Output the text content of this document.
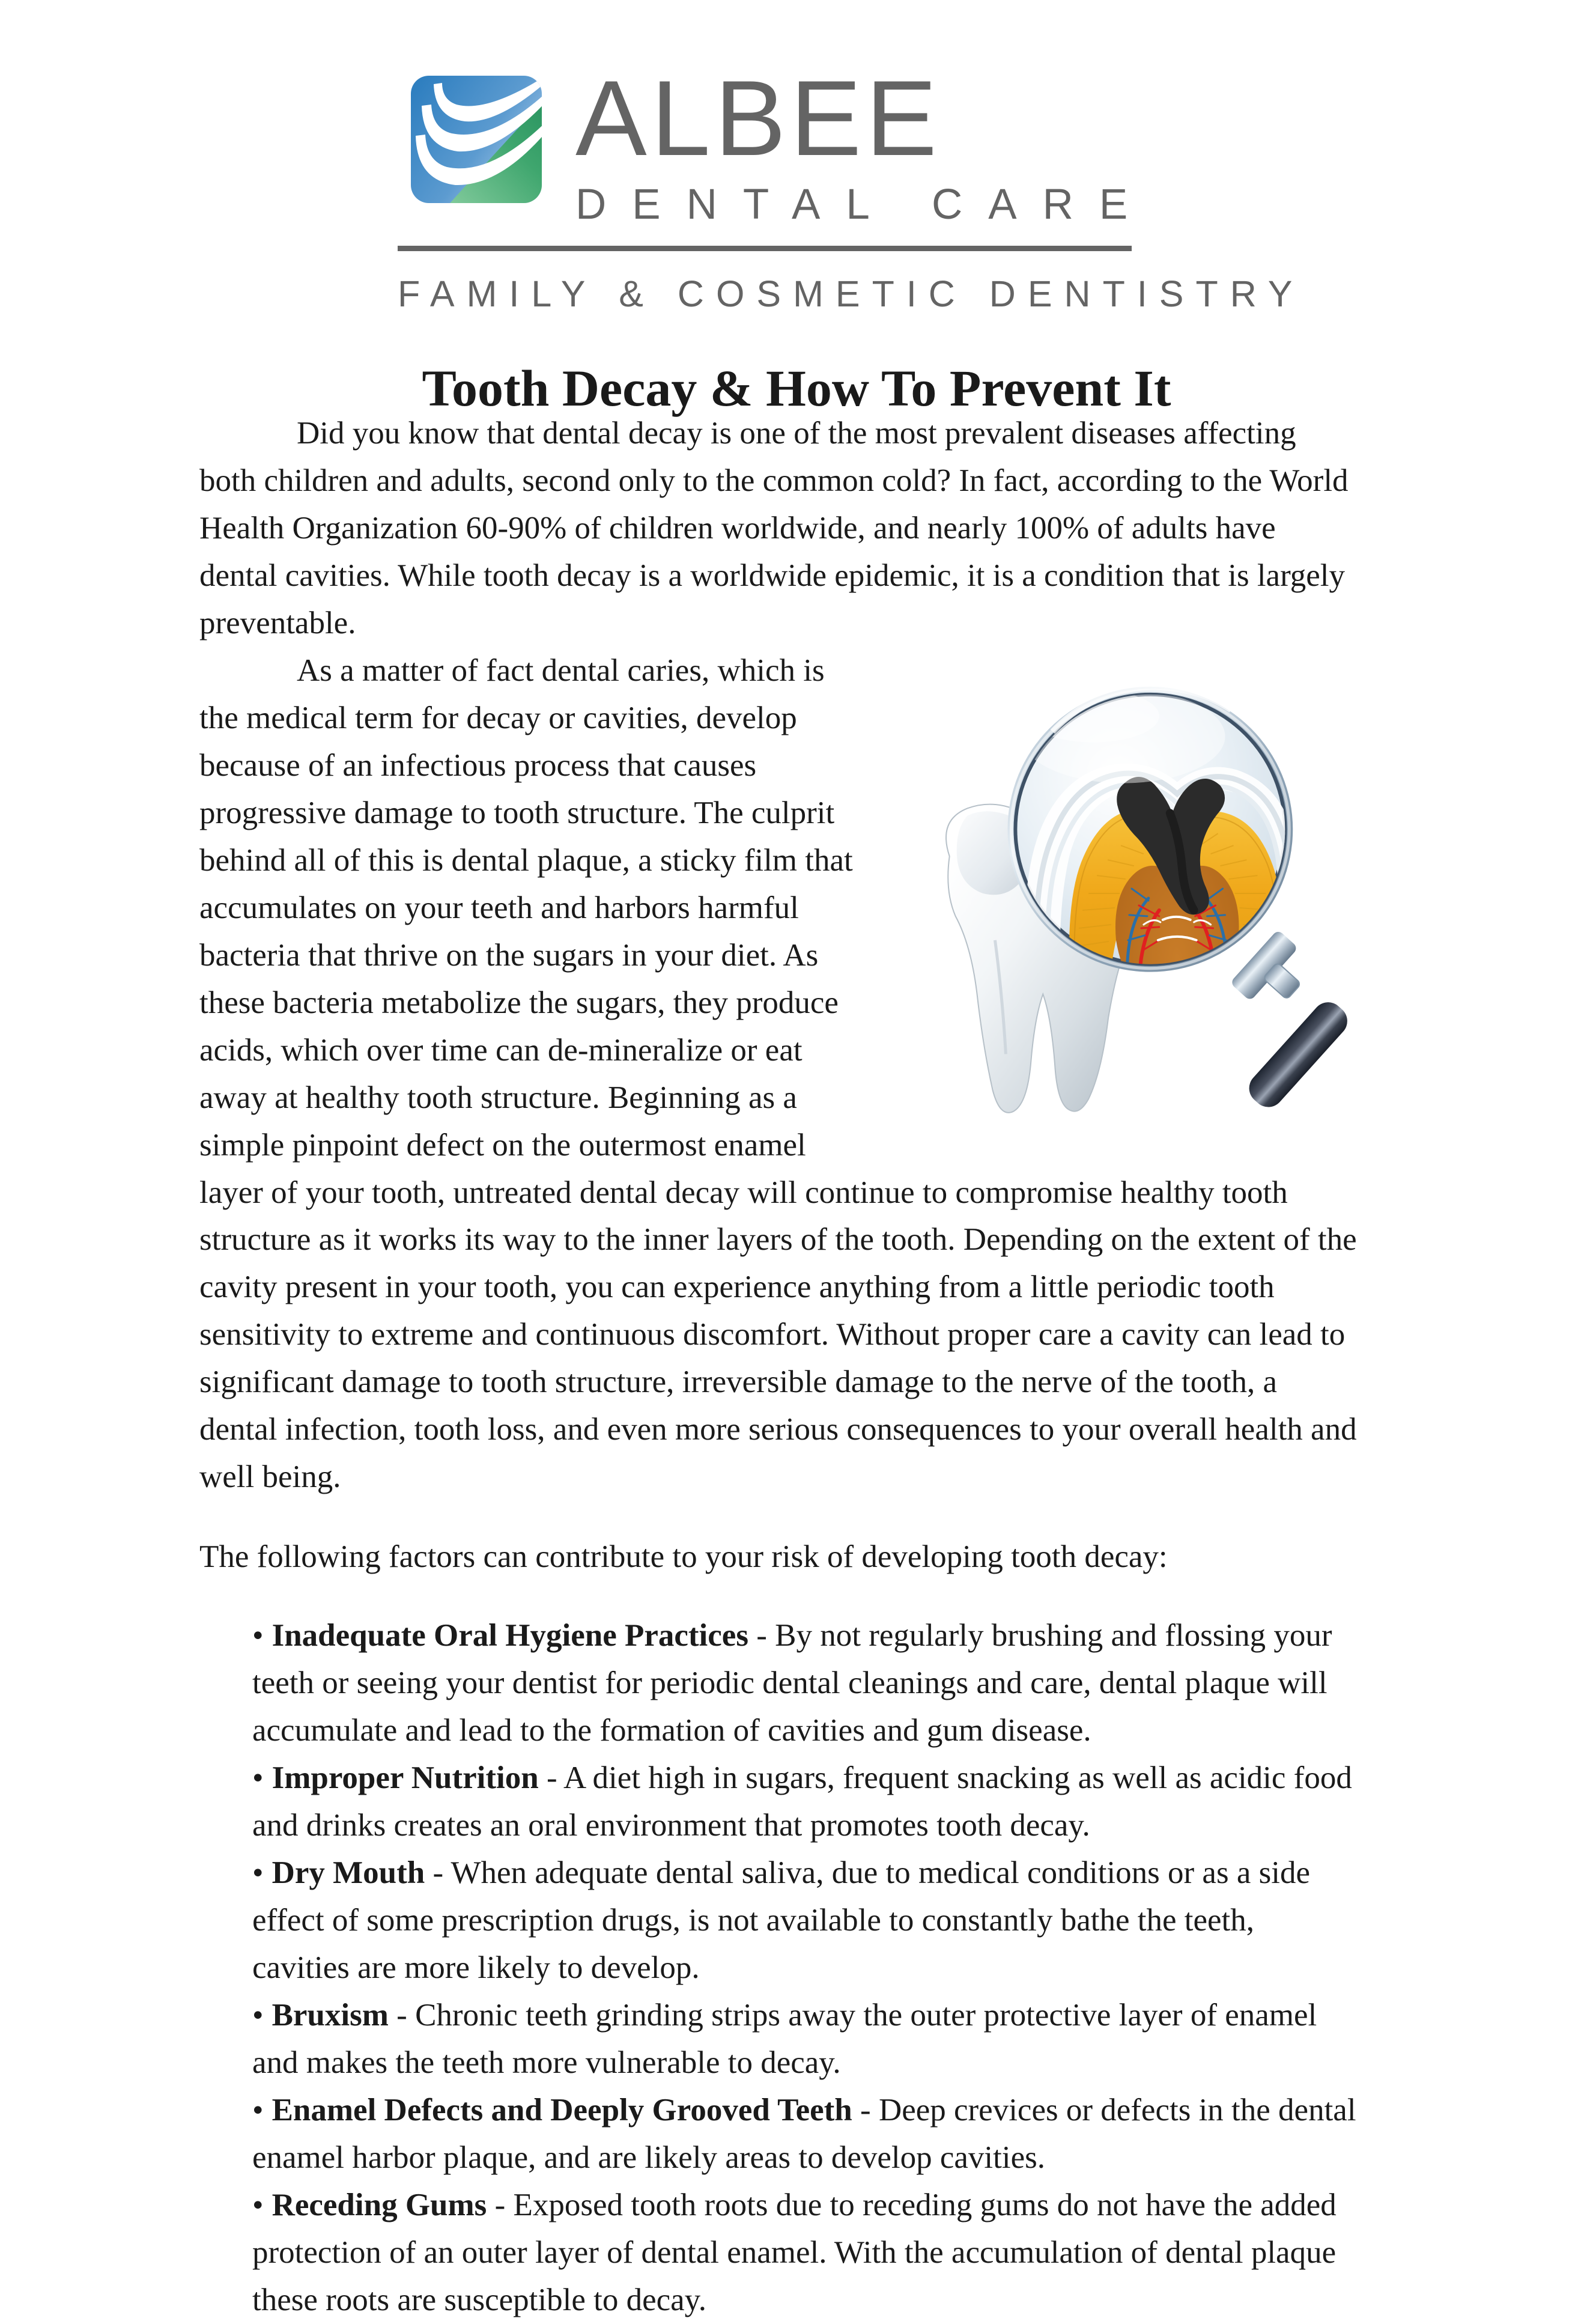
ALBEE
DENTAL CARE
FAMILY & COSMETIC DENTISTRY
Tooth Decay & How To Prevent It

Did you know that dental decay is one of the most prevalent diseases affecting both children and adults, second only to the common cold? In fact, according to the World Health Organization 60-90% of children worldwide, and nearly 100% of adults have dental cavities. While tooth decay is a worldwide epidemic, it is a condition that is largely preventable.

As a matter of fact dental caries, which is the medical term for decay or cavities, develop because of an infectious process that causes progressive damage to tooth structure. The culprit behind all of this is dental plaque, a sticky film that accumulates on your teeth and harbors harmful bacteria that thrive on the sugars in your diet. As these bacteria metabolize the sugars, they produce acids, which over time can de-mineralize or eat away at healthy tooth structure. Beginning as a simple pinpoint defect on the outermost enamel layer of your tooth, untreated dental decay will continue to compromise healthy tooth structure as it works its way to the inner layers of the tooth. Depending on the extent of the cavity present in your tooth, you can experience anything from a little periodic tooth sensitivity to extreme and continuous discomfort. Without proper care a cavity can lead to significant damage to tooth structure, irreversible damage to the nerve of the tooth, a dental infection, tooth loss, and even more serious consequences to your overall health and well being.

The following factors can contribute to your risk of developing tooth decay:

• Inadequate Oral Hygiene Practices - By not regularly brushing and flossing your teeth or seeing your dentist for periodic dental cleanings and care, dental plaque will accumulate and lead to the formation of cavities and gum disease.
• Improper Nutrition - A diet high in sugars, frequent snacking as well as acidic food and drinks creates an oral environment that promotes tooth decay.
• Dry Mouth - When adequate dental saliva, due to medical conditions or as a side effect of some prescription drugs, is not available to constantly bathe the teeth, cavities are more likely to develop.
• Bruxism - Chronic teeth grinding strips away the outer protective layer of enamel and makes the teeth more vulnerable to decay.
• Enamel Defects and Deeply Grooved Teeth - Deep crevices or defects in the dental enamel harbor plaque, and are likely areas to develop cavities.
• Receding Gums - Exposed tooth roots due to receding gums do not have the added protection of an outer layer of dental enamel. With the accumulation of dental plaque these roots are susceptible to decay.
